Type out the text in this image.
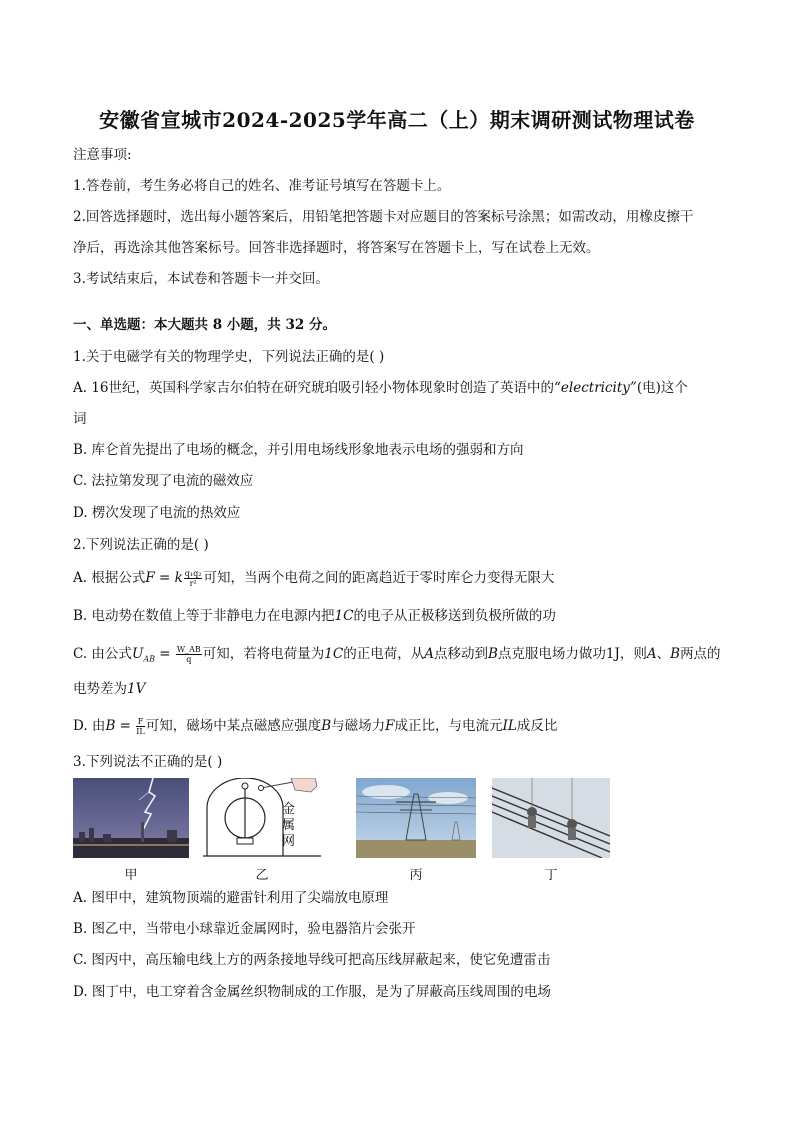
安徽省宣城市2024-2025学年高二（上）期末调研测试物理试卷
注意事项:
1.答卷前，考生务必将自己的姓名、准考证号填写在答题卡上。
2.回答选择题时，选出每小题答案后，用铅笔把答题卡对应题目的答案标号涂黑；如需改动，用橡皮擦干
净后，再选涂其他答案标号。回答非选择题时，将答案写在答题卡上，写在试卷上无效。
3.考试结束后，本试卷和答题卡一并交回。
一、单选题：本大题共 8 小题，共 32 分。
1.关于电磁学有关的物理学史，下列说法正确的是( )
A. 16世纪，英国科学家吉尔伯特在研究琥珀吸引轻小物体现象时创造了英语中的“electricity”(电)这个
词
B. 库仑首先提出了电场的概念，并引用电场线形象地表示电场的强弱和方向
C. 法拉第发现了电流的磁效应
D. 楞次发现了电流的热效应
2.下列说法正确的是( )
A. 根据公式F = k $\frac{\text{q₁q₂}}{\text{r²}}$ 可知，当两个电荷之间的距离趋近于零时库仑力变得无限大
B. 电动势在数值上等于非静电力在电源内把1C的电子从正极移送到负极所做的功
C. 由公式$U_{AB} = \frac{W\_AB}{q}$ 可知，若将电荷量为1C的正电荷，从A点移动到B点克服电场力做功1J，则A、B两点的
电势差为1V
D. 由$B = \frac{F}{IL}$ 可知，磁场中某点磁感应强度B与磁场力F成正比，与电流元IL成反比
3.下列说法不正确的是( )
甲
金
属
网
乙	丙	丁
A. 图甲中，建筑物顶端的避雷针利用了尖端放电原理
B. 图乙中，当带电小球靠近金属网时，验电器箔片会张开
C. 图丙中，高压输电线上方的两条接地导线可把高压线屏蔽起来，使它免遭雷击
D. 图丁中，电工穿着含金属丝织物制成的工作服，是为了屏蔽高压线周围的电场
